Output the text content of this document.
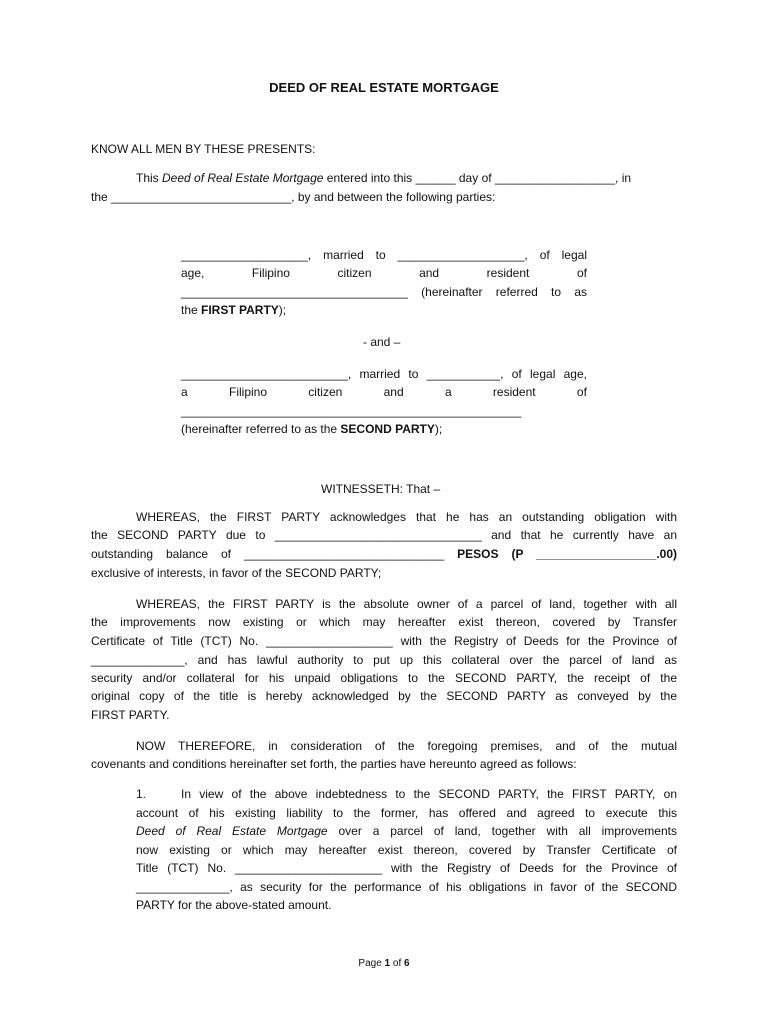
DEED OF REAL ESTATE MORTGAGE
KNOW ALL MEN BY THESE PRESENTS:
This Deed of Real Estate Mortgage entered into this ______ day of __________________, in
the ___________________________, by and between the following parties:
___________________, married to ___________________, of legal
age,	Filipino	citizen	and	resident	of
__________________________________ (hereinafter referred to as
the FIRST PARTY);
- and –
_________________________, married to ___________, of legal age,
a	Filipino	citizen	and	a	resident	of
___________________________________________________
(hereinafter referred to as the SECOND PARTY);
WITNESSETH: That –
WHEREAS, the FIRST PARTY acknowledges that he has an outstanding obligation with
the SECOND PARTY due to _______________________________ and that he currently have an
outstanding balance of ______________________________ PESOS (P __________________.00)
exclusive of interests, in favor of the SECOND PARTY;
WHEREAS, the FIRST PARTY is the absolute owner of a parcel of land, together with all
the improvements now existing or which may hereafter exist thereon, covered by Transfer
Certificate of Title (TCT) No. ___________________ with the Registry of Deeds for the Province of
______________, and has lawful authority to put up this collateral over the parcel of land as
security and/or collateral for his unpaid obligations to the SECOND PARTY, the receipt of the
original copy of the title is hereby acknowledged by the SECOND PARTY as conveyed by the
FIRST PARTY.
NOW THEREFORE, in consideration of the foregoing premises, and of the mutual
covenants and conditions hereinafter set forth, the parties have hereunto agreed as follows:
1.	In view of the above indebtedness to the SECOND PARTY, the FIRST PARTY, on
account of his existing liability to the former, has offered and agreed to execute this
Deed of Real Estate Mortgage over a parcel of land, together with all improvements
now existing or which may hereafter exist thereon, covered by Transfer Certificate of
Title (TCT) No. ______________________ with the Registry of Deeds for the Province of
______________, as security for the performance of his obligations in favor of the SECOND
PARTY for the above-stated amount.
Page 1 of 6
